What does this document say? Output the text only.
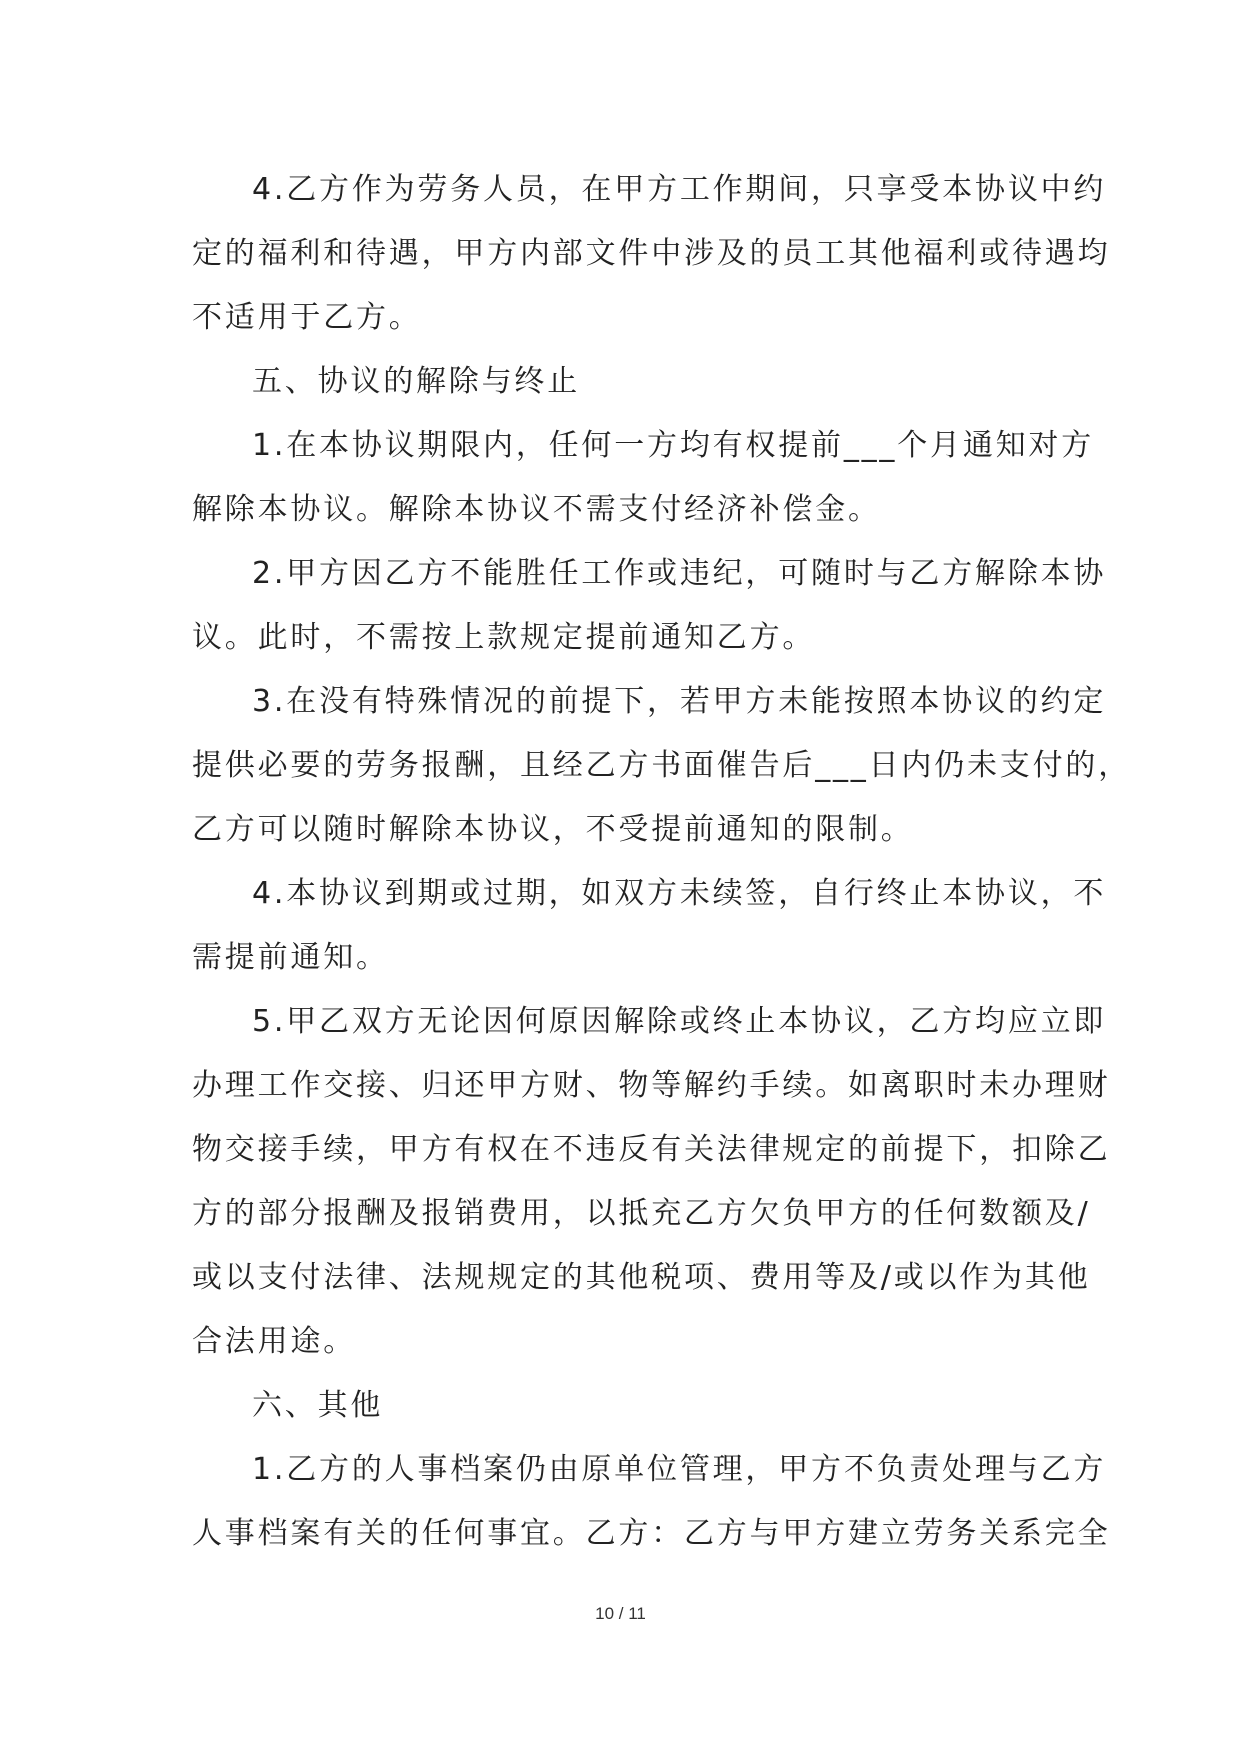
4.乙方作为劳务人员，在甲方工作期间，只享受本协议中约
定的福利和待遇，甲方内部文件中涉及的员工其他福利或待遇均
不适用于乙方。
五、协议的解除与终止
1.在本协议期限内，任何一方均有权提前___个月通知对方
解除本协议。解除本协议不需支付经济补偿金。
2.甲方因乙方不能胜任工作或违纪，可随时与乙方解除本协
议。此时，不需按上款规定提前通知乙方。
3.在没有特殊情况的前提下，若甲方未能按照本协议的约定
提供必要的劳务报酬，且经乙方书面催告后___日内仍未支付的，
乙方可以随时解除本协议，不受提前通知的限制。
4.本协议到期或过期，如双方未续签，自行终止本协议，不
需提前通知。
5.甲乙双方无论因何原因解除或终止本协议，乙方均应立即
办理工作交接、归还甲方财、物等解约手续。如离职时未办理财
物交接手续，甲方有权在不违反有关法律规定的前提下，扣除乙
方的部分报酬及报销费用，以抵充乙方欠负甲方的任何数额及/
或以支付法律、法规规定的其他税项、费用等及/或以作为其他
合法用途。
六、其他
1.乙方的人事档案仍由原单位管理，甲方不负责处理与乙方
人事档案有关的任何事宜。乙方：乙方与甲方建立劳务关系完全
10 / 11
